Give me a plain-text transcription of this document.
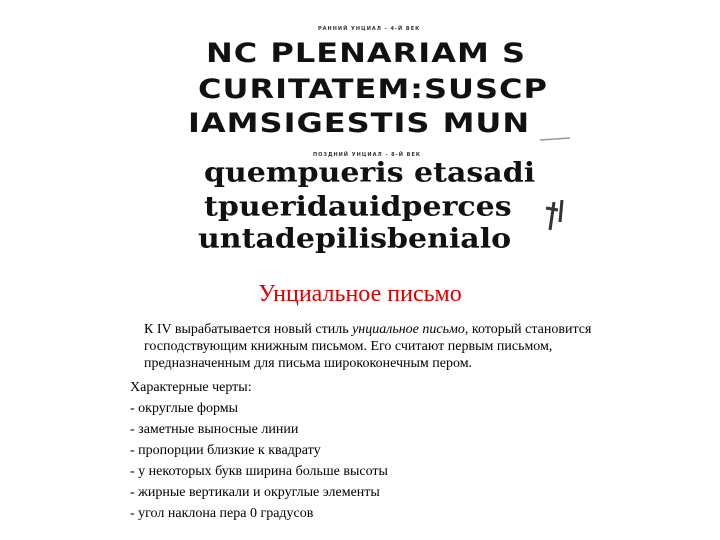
РАННИЙ УНЦИАЛ - 4-Й ВЕК
NC PLENARIAM S
CURITATEM:SUSCP
IAMSIGESTIS MUN
ПОЗДНИЙ УНЦИАЛ - 8-Й ВЕК
quempueris etasadi
tpueridauidperces
untadepilisbenialo
Унциальное письмо

К IV вырабатывается новый стиль унциальное письмо, который становится господствующим книжным письмом. Его считают первым письмом, предназначенным для письма ширококонечным пером.

Характерные черты:
- округлые формы
- заметные выносные линии
- пропорции близкие к квадрату
- у некоторых букв ширина больше высоты
- жирные вертикали и округлые элементы
- угол наклона пера 0 градусов
